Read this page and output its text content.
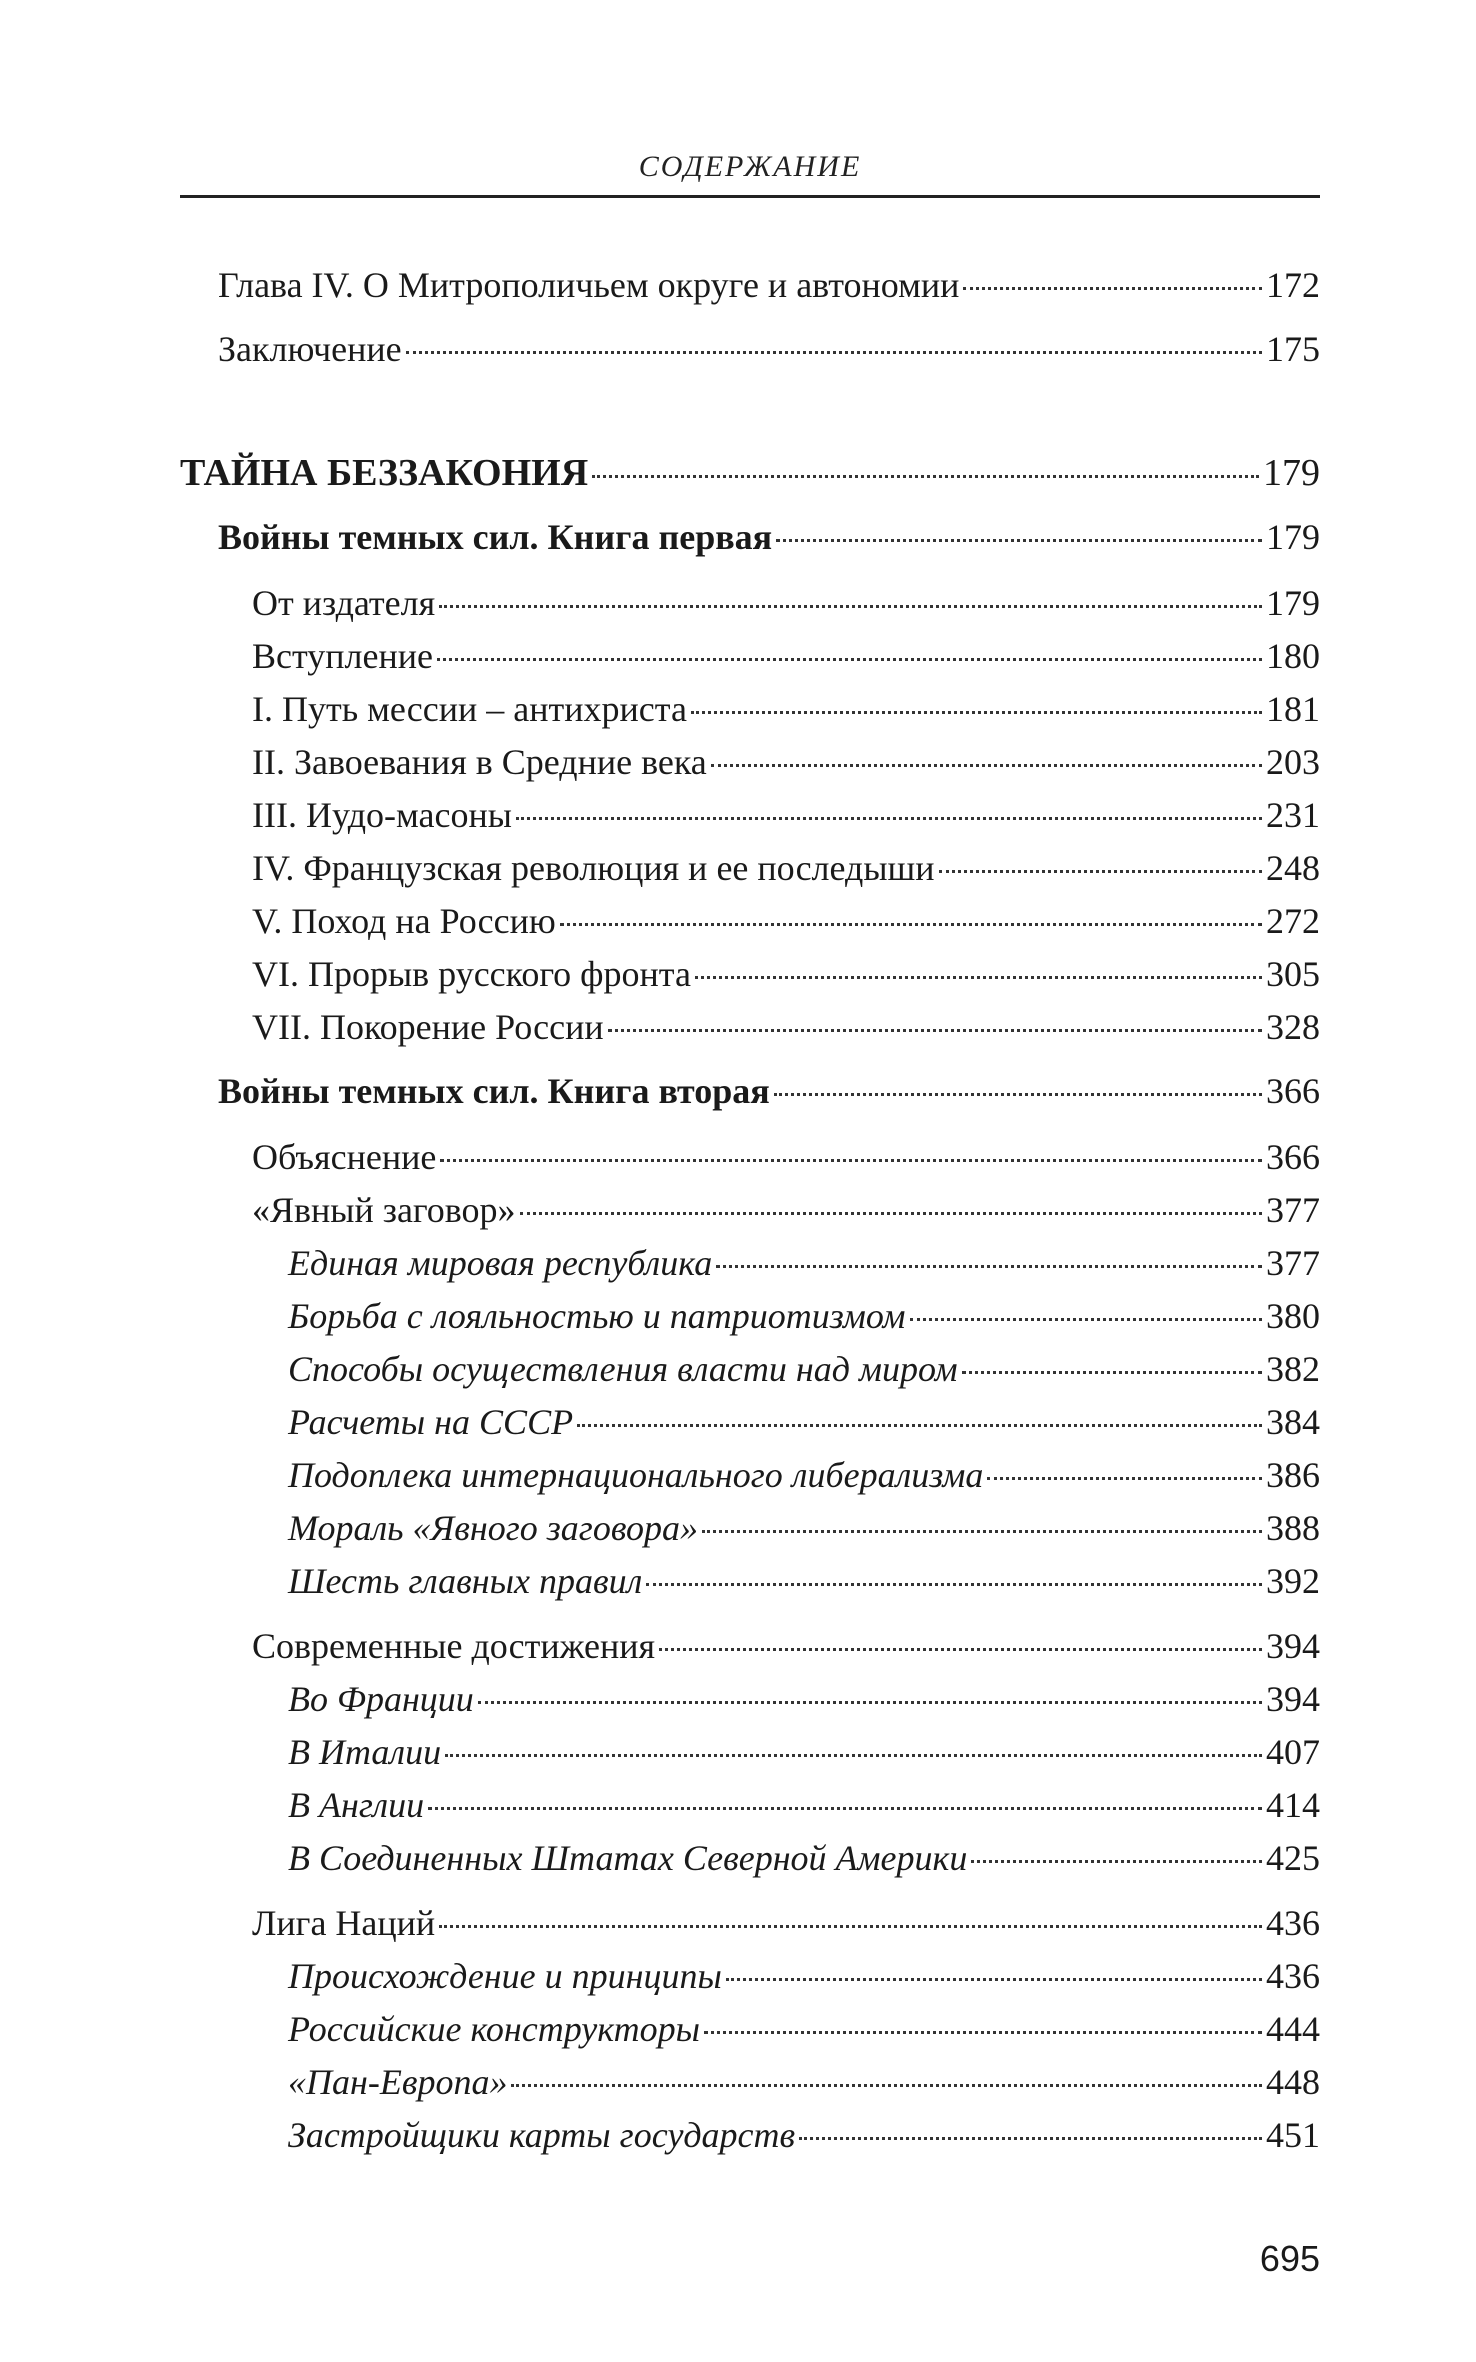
СОДЕРЖАНИЕ
Глава IV. О Митрополичьем округе и автономии	172
Заключение	175
ТАЙНА БЕЗЗАКОНИЯ	179
Войны темных сил. Книга первая	179
От издателя	179
Вступление	180
I. Путь мессии – антихриста	181
II. Завоевания в Средние века	203
III. Иудо-масоны	231
IV. Французская революция и ее последыши	248
V. Поход на Россию	272
VI. Прорыв русского фронта	305
VII. Покорение России	328
Войны темных сил. Книга вторая	366
Объяснение	366
«Явный заговор»	377
Единая мировая республика	377
Борьба с лояльностью и патриотизмом	380
Способы осуществления власти над миром	382
Расчеты на СССР	384
Подоплека интернационального либерализма	386
Мораль «Явного заговора»	388
Шесть главных правил	392
Современные достижения	394
Во Франции	394
В Италии	407
В Англии	414
В Соединенных Штатах Северной Америки	425
Лига Наций	436
Происхождение и принципы	436
Российские конструкторы	444
«Пан-Европа»	448
Застройщики карты государств	451
695
